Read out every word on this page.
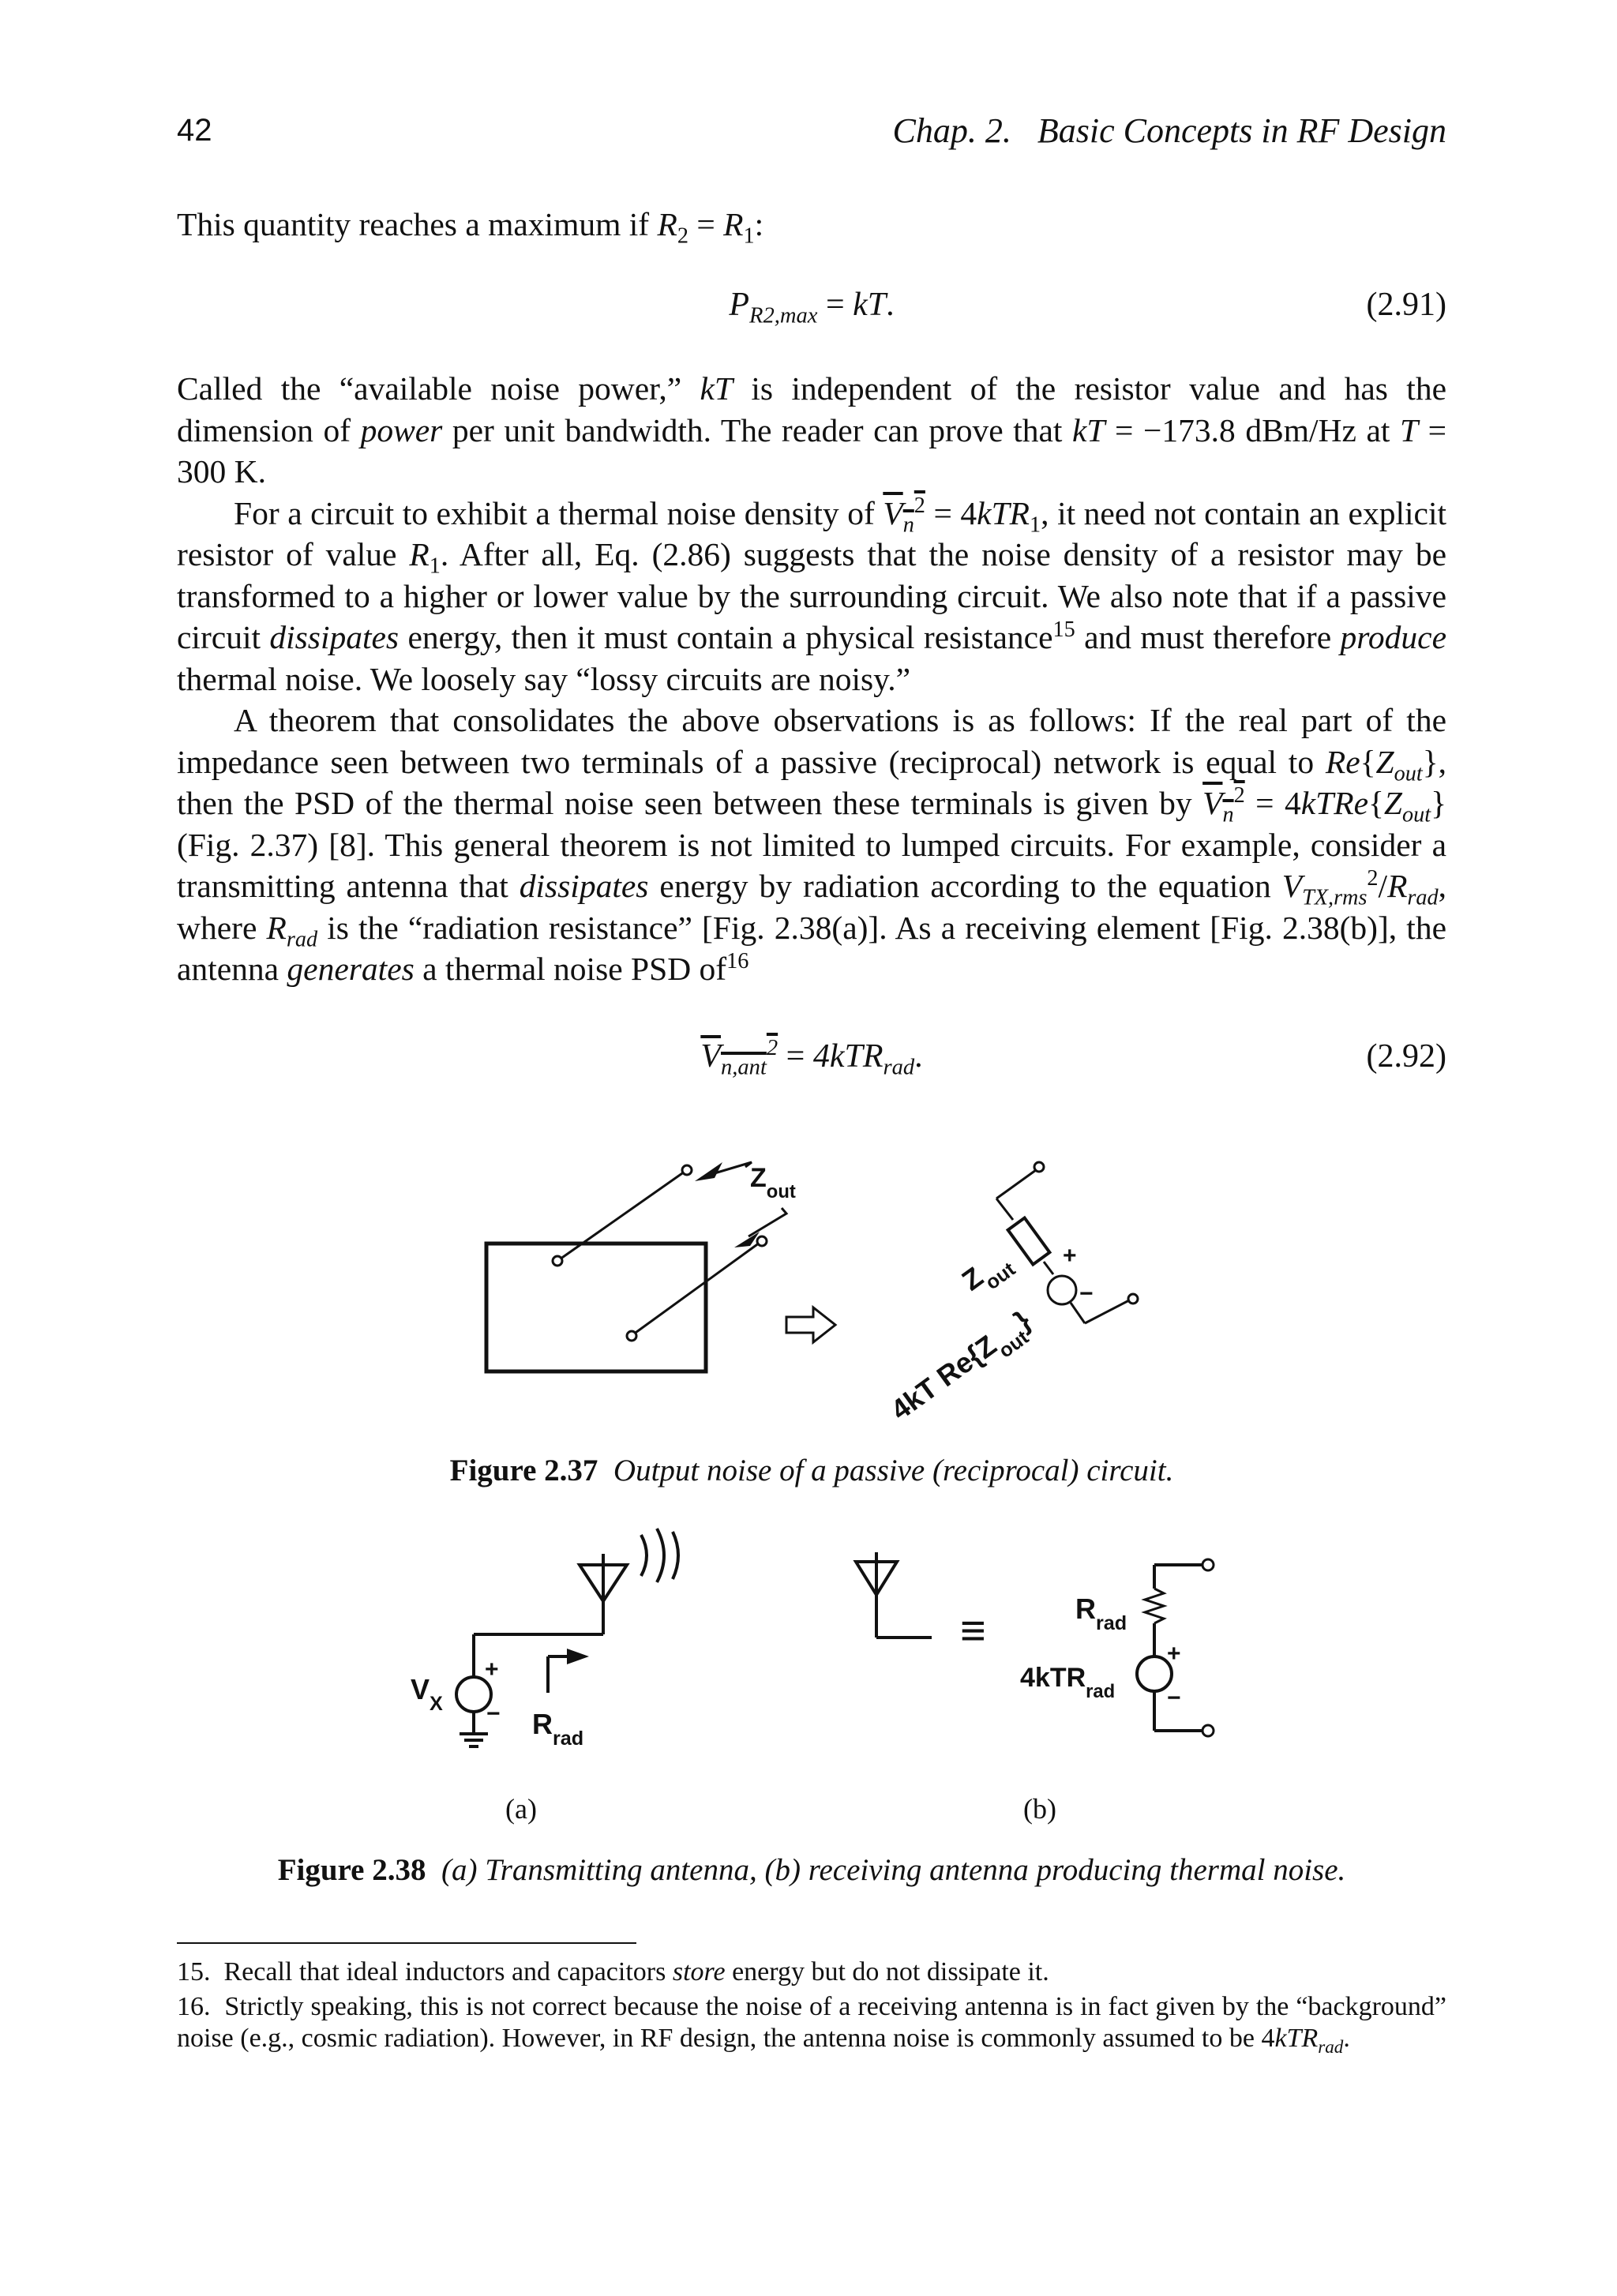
42	Chap. 2.   Basic Concepts in RF Design

This quantity reaches a maximum if $R_2 = R_1$:

$P_{R2,max}$ = kT.	(2.91)

Called the “available noise power,” kT is independent of the resistor value and has the dimension of power per unit bandwidth. The reader can prove that kT = −173.8 dBm/Hz at T = 300 K.

For a circuit to exhibit a thermal noise density of $V_n^2 = 4kTR_1$, it need not contain an explicit resistor of value $R_1$. After all, Eq. (2.86) suggests that the noise density of a resistor may be transformed to a higher or lower value by the surrounding circuit. We also note that if a passive circuit dissipates energy, then it must contain a physical resistance$^{15}$ and must therefore produce thermal noise. We loosely say “lossy circuits are noisy.”

A theorem that consolidates the above observations is as follows: If the real part of the impedance seen between two terminals of a passive (reciprocal) network is equal to $Re\{Z_{out}\}$, then the PSD of the thermal noise seen between these terminals is given by $V_n^2$ = $4kTRe\{Z_{out}\}$ (Fig. 2.37) [8]. This general theorem is not limited to lumped circuits. For example, consider a transmitting antenna that dissipates energy by radiation according to the equation $V_{TX,rms}^2/R_{rad}$, where $R_{rad}$ is the “radiation resistance” [Fig. 2.38(a)]. As a receiving element [Fig. 2.38(b)], the antenna generates a thermal noise PSD $of^{16}$

$V_{n,ant}^2 = 4kTR_{rad}$.	(2.92)
$Z_{out}$
$Z_{out}$
+
−
4kT $Re\{Z_{out}\}$
Figure 2.37 Output noise of a passive (reciprocal) circuit.
$V_X$
+
− $R_{rad}$
≡	$R_{rad}$
4kTR$_{rad}$
+
−
(a)	(b)
Figure 2.38 (a) Transmitting antenna, (b) receiving antenna producing thermal noise.
15. Recall that ideal inductors and capacitors store energy but do not dissipate it.
16. Strictly speaking, this is not correct because the noise of a receiving antenna is in fact given by the “background” noise (e.g., cosmic radiation). However, in RF design, the antenna noise is commonly assumed to be 4kTR$_{rad}$.
